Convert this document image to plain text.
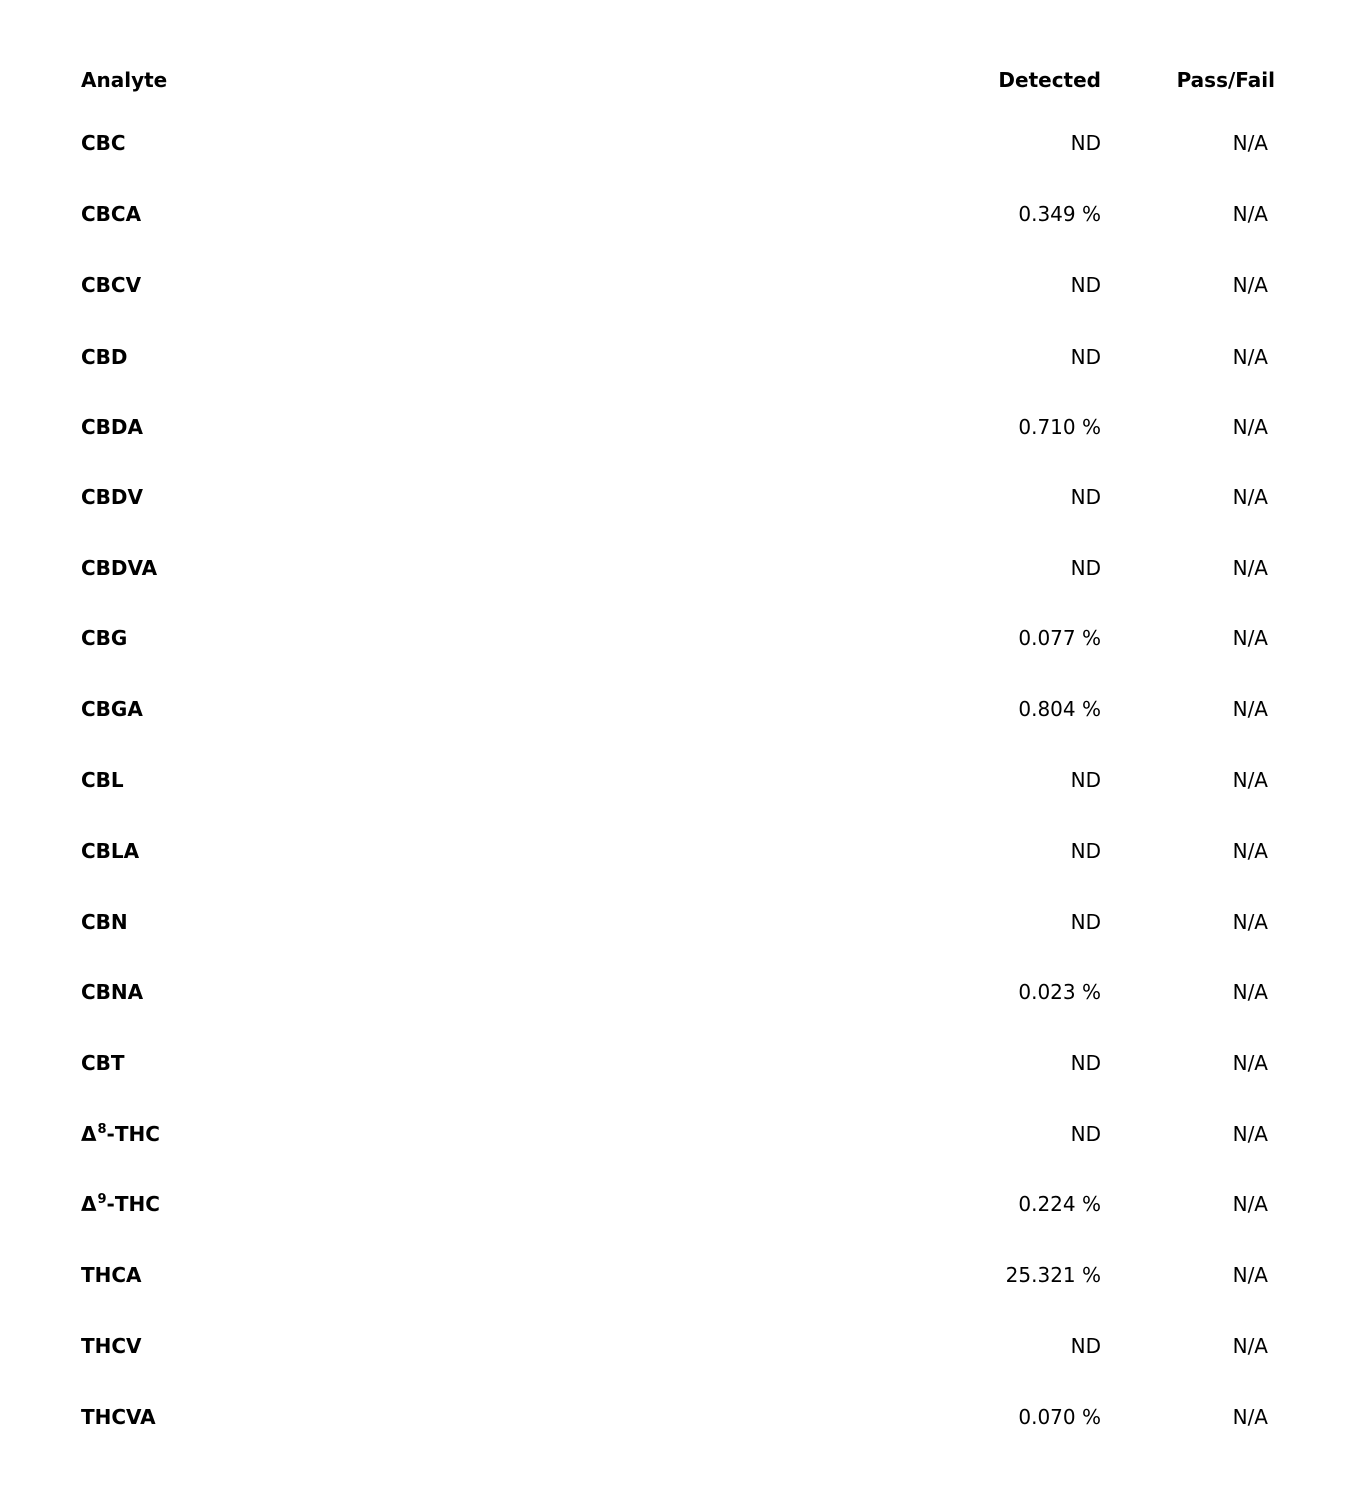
Analyte	Detected	Pass/Fail
CBC	ND	N/A
CBCA	0.349 %	N/A
CBCV	ND	N/A
CBD	ND	N/A
CBDA	0.710 %	N/A
CBDV	ND	N/A
CBDVA	ND	N/A
CBG	0.077 %	N/A
CBGA	0.804 %	N/A
CBL	ND	N/A
CBLA	ND	N/A
CBN	ND	N/A
CBNA	0.023 %	N/A
CBT	ND	N/A
$\Delta^8$-THC	ND	N/A
$\Delta^9$-THC	0.224 %	N/A
THCA	25.321 %	N/A
THCV	ND	N/A
THCVA	0.070 %	N/A
